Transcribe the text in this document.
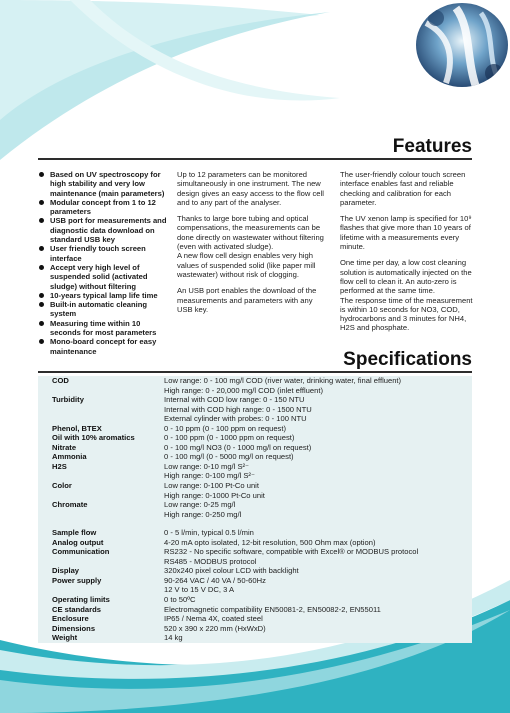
Features
Based on UV spectroscopy for high stability and very low maintenance (main parameters)
Modular concept from 1 to 12 parameters
USB port for measurements and diagnostic data download on standard USB key
User friendly touch screen interface
Accept very high level of suspended solid (activated sludge) without filtering
10-years typical lamp life time
Built-in automatic cleaning system
Measuring time within 10 seconds for most parameters
Mono-board concept for easy maintenance

Up to 12 parameters can be monitored simultaneously in one instrument. The new design gives an easy access to the flow cell and to any part of the analyser.

Thanks to large bore tubing and optical compensations, the measurements can be done directly on wastewater without filtering (even with activated sludge).

A new flow cell design enables very high values of suspended solid (like paper mill wastewater) without risk of clogging.

An USB port enables the download of the measurements and parameters with any USB key.

The user-friendly colour touch screen interface enables fast and reliable checking and calibration for each parameter.

The UV xenon lamp is specified for 10⁹ flashes that give more than 10 years of lifetime with a measurements every minute.

One time per day, a low cost cleaning solution is automatically injected on the flow cell to clean it. An auto-zero is performed at the same time.

The response time of the measurement is within 10 seconds for NO3, COD, hydrocarbons and 3 minutes for NH4, H2S and phosphate.

Specifications
COD	Low range: 0 - 100 mg/l COD (river water, drinking water, final effluent)
High range: 0 - 20,000 mg/l COD (inlet effluent)
Turbidity	Internal with COD low range: 0 - 150 NTU
Internal with COD high range: 0 - 1500 NTU
External cylinder with probes: 0 - 100 NTU
Phenol, BTEX	0 - 10 ppm (0 - 100 ppm on request)
Oil with 10% aromatics	0 - 100 ppm (0 - 1000 ppm on request)
Nitrate	0 - 100 mg/l NO3 (0 - 1000 mg/l on request)
Ammonia	0 - 100 mg/l (0 - 5000 mg/l on request)
H2S	Low range: 0-10 mg/l S²⁻
High range: 0-100 mg/l S²⁻
Color	Low range: 0-100 Pt-Co unit
High range: 0-1000 Pt-Co unit
Chromate	Low range: 0-25 mg/l
High range: 0-250 mg/l
Sample flow	0 - 5 l/min, typical 0.5 l/min
Analog output	4-20 mA opto isolated, 12-bit resolution, 500 Ohm max (option)
Communication	RS232 - No specific software, compatible with Excel® or MODBUS protocol
RS485 - MODBUS protocol
Display	320x240 pixel colour LCD with backlight
Power supply	90-264 VAC / 40 VA / 50-60Hz
12 V to 15 V DC, 3 A
Operating limits	0 to 50ºC
CE standards	Electromagnetic compatibility EN50081-2, EN50082-2, EN55011
Enclosure	IP65 / Nema 4X, coated steel
Dimensions	520 x 390 x 220 mm (HxWxD)
Weight	14 kg
